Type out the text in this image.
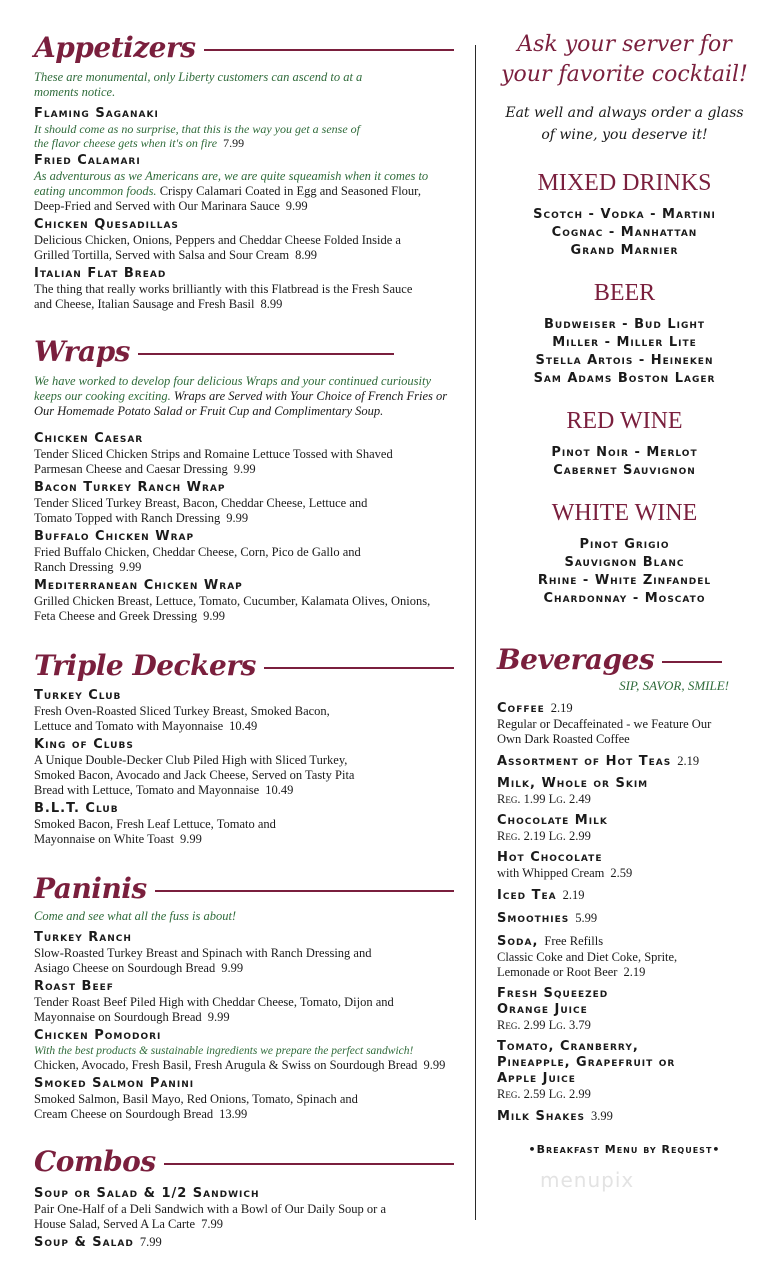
Appetizers
These are monumental, only Liberty customers can ascend to at a moments notice.
Flaming Saganaki
It should come as no surprise, that this is the way you get a sense of the flavor cheese gets when it's on fire 7.99
Fried Calamari
As adventurous as we Americans are, we are quite squeamish when it comes to eating uncommon foods. Crispy Calamari Coated in Egg and Seasoned Flour, Deep-Fried and Served with Our Marinara Sauce 9.99
Chicken Quesadillas
Delicious Chicken, Onions, Peppers and Cheddar Cheese Folded Inside a Grilled Tortilla, Served with Salsa and Sour Cream 8.99
Italian Flat Bread
The thing that really works brilliantly with this Flatbread is the Fresh Sauce and Cheese, Italian Sausage and Fresh Basil 8.99
Wraps
We have worked to develop four delicious Wraps and your continued curiousity keeps our cooking exciting. Wraps are Served with Your Choice of French Fries or Our Homemade Potato Salad or Fruit Cup and Complimentary Soup.
Chicken Caesar
Tender Sliced Chicken Strips and Romaine Lettuce Tossed with Shaved Parmesan Cheese and Caesar Dressing 9.99
Bacon Turkey Ranch Wrap
Tender Sliced Turkey Breast, Bacon, Cheddar Cheese, Lettuce and Tomato Topped with Ranch Dressing 9.99
Buffalo Chicken Wrap
Fried Buffalo Chicken, Cheddar Cheese, Corn, Pico de Gallo and Ranch Dressing 9.99
Mediterranean Chicken Wrap
Grilled Chicken Breast, Lettuce, Tomato, Cucumber, Kalamata Olives, Onions, Feta Cheese and Greek Dressing 9.99
Triple Deckers
Turkey Club
Fresh Oven-Roasted Sliced Turkey Breast, Smoked Bacon, Lettuce and Tomato with Mayonnaise 10.49
King of Clubs
A Unique Double-Decker Club Piled High with Sliced Turkey, Smoked Bacon, Avocado and Jack Cheese, Served on Tasty Pita Bread with Lettuce, Tomato and Mayonnaise 10.49
B.L.T. Club
Smoked Bacon, Fresh Leaf Lettuce, Tomato and Mayonnaise on White Toast 9.99
Paninis
Come and see what all the fuss is about!
Turkey Ranch
Slow-Roasted Turkey Breast and Spinach with Ranch Dressing and Asiago Cheese on Sourdough Bread 9.99
Roast Beef
Tender Roast Beef Piled High with Cheddar Cheese, Tomato, Dijon and Mayonnaise on Sourdough Bread 9.99
Chicken Pomodori
With the best products & sustainable ingredients we prepare the perfect sandwich!
Chicken, Avocado, Fresh Basil, Fresh Arugula & Swiss on Sourdough Bread 9.99
Smoked Salmon Panini
Smoked Salmon, Basil Mayo, Red Onions, Tomato, Spinach and Cream Cheese on Sourdough Bread 13.99
Combos
Soup or Salad & 1/2 Sandwich
Pair One-Half of a Deli Sandwich with a Bowl of Our Daily Soup or a House Salad, Served A La Carte 7.99
Soup & Salad 7.99
Ask your server for
your favorite cocktail!
Eat well and always order a glass
of wine, you deserve it!
MIXED DRINKS
Scotch - Vodka - Martini
Cognac - Manhattan
Grand Marnier
BEER
Budweiser - Bud Light
Miller - Miller Lite
Stella Artois - Heineken
Sam Adams Boston Lager
RED WINE
Pinot Noir - Merlot
Cabernet Sauvignon
WHITE WINE
Pinot Grigio
Sauvignon Blanc
Rhine - White Zinfandel
Chardonnay - Moscato
Beverages
SIP, SAVOR, SMILE!
Coffee 2.19
Regular or Decaffeinated - we Feature Our Own Dark Roasted Coffee
Assortment of Hot Teas 2.19
Milk, Whole or Skim
Reg. 1.99 Lg. 2.49
Chocolate Milk
Reg. 2.19 Lg. 2.99
Hot Chocolate
with Whipped Cream 2.59
Iced Tea 2.19
Smoothies 5.99
Soda, Free Refills
Classic Coke and Diet Coke, Sprite, Lemonade or Root Beer 2.19
Fresh Squeezed Orange Juice
Reg. 2.99 Lg. 3.79
Tomato, Cranberry, Pineapple, Grapefruit or Apple Juice
Reg. 2.59 Lg. 2.99
Milk Shakes 3.99
•Breakfast Menu by Request•
menupix
